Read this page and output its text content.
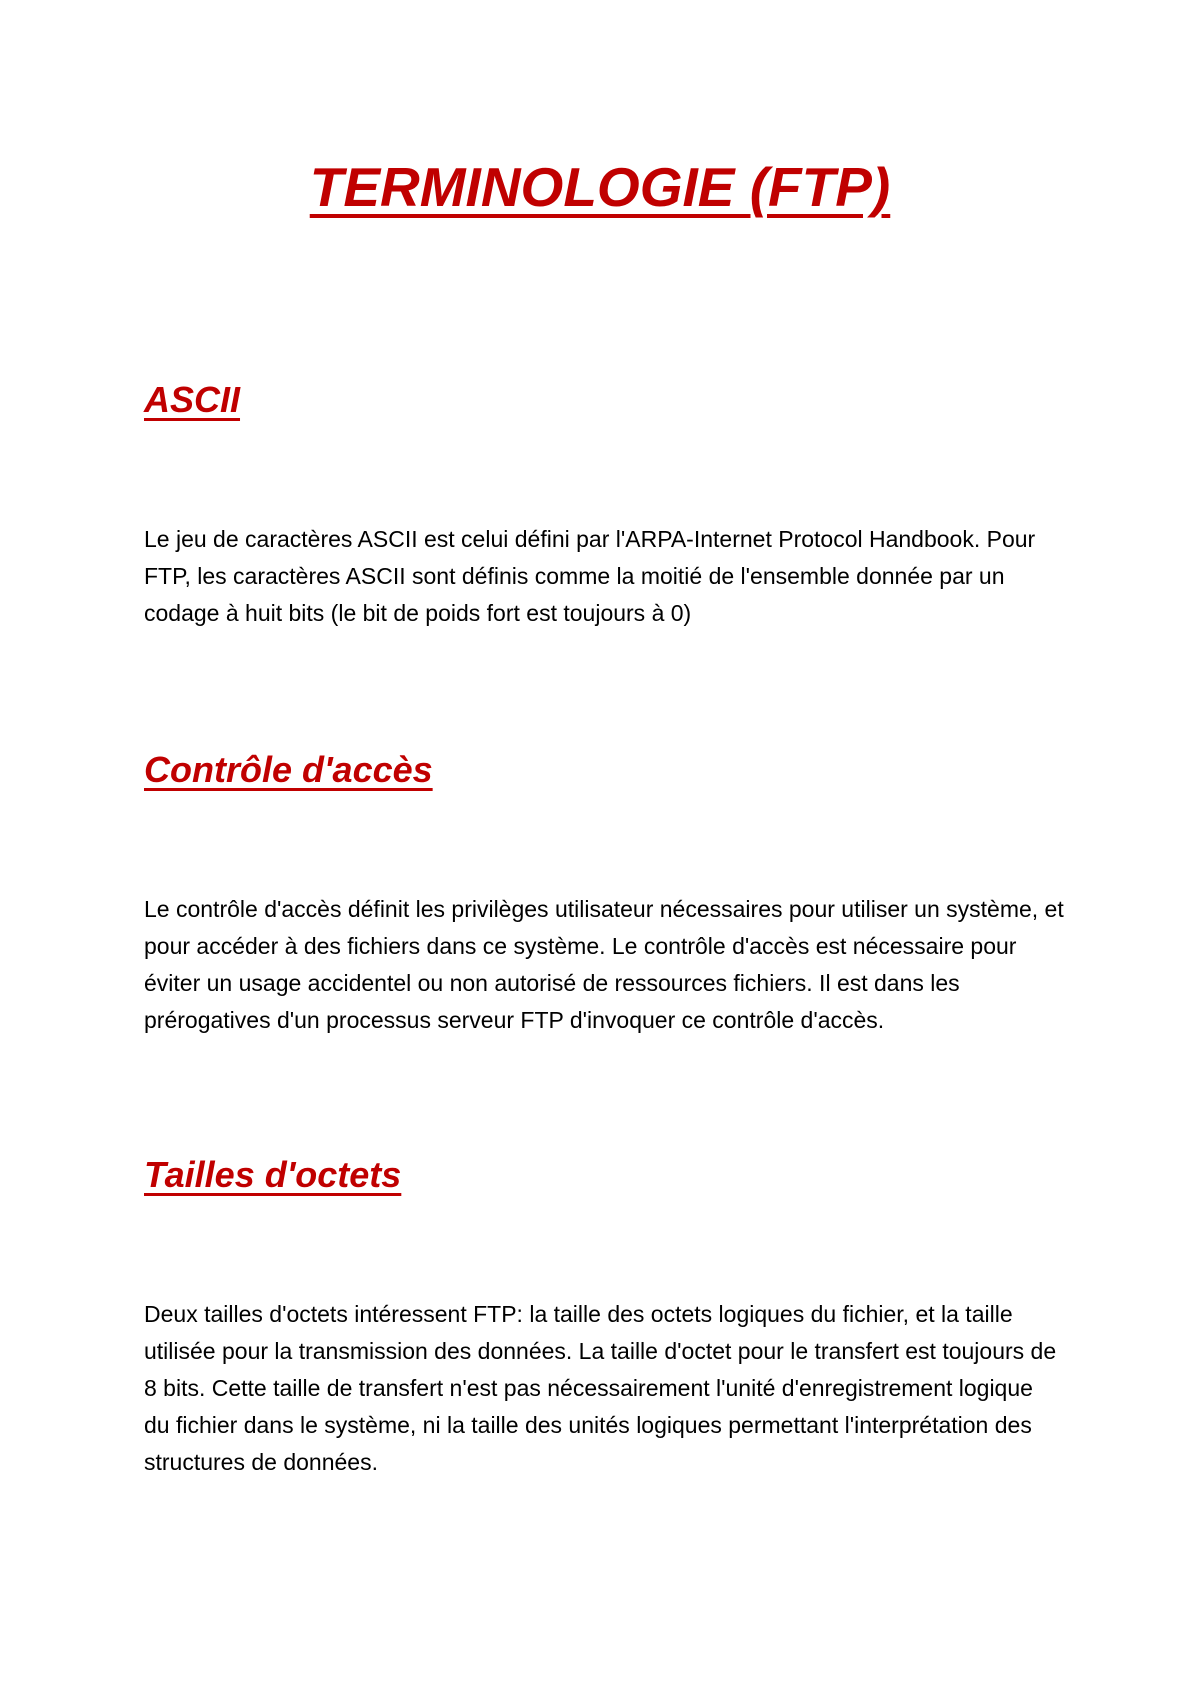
TERMINOLOGIE (FTP)
ASCII

Le jeu de caractères ASCII est celui défini par l'ARPA-Internet Protocol Handbook. Pour FTP, les caractères ASCII sont définis comme la moitié de l'ensemble donnée par un codage à huit bits (le bit de poids fort est toujours à 0)

Contrôle d'accès

Le contrôle d'accès définit les privilèges utilisateur nécessaires pour utiliser un système, et pour accéder à des fichiers dans ce système. Le contrôle d'accès est nécessaire pour éviter un usage accidentel ou non autorisé de ressources fichiers. Il est dans les prérogatives d'un processus serveur FTP d'invoquer ce contrôle d'accès.

Tailles d'octets

Deux tailles d'octets intéressent FTP: la taille des octets logiques du fichier, et la taille utilisée pour la transmission des données. La taille d'octet pour le transfert est toujours de 8 bits. Cette taille de transfert n'est pas nécessairement l'unité d'enregistrement logique du fichier dans le système, ni la taille des unités logiques permettant l'interprétation des structures de données.
